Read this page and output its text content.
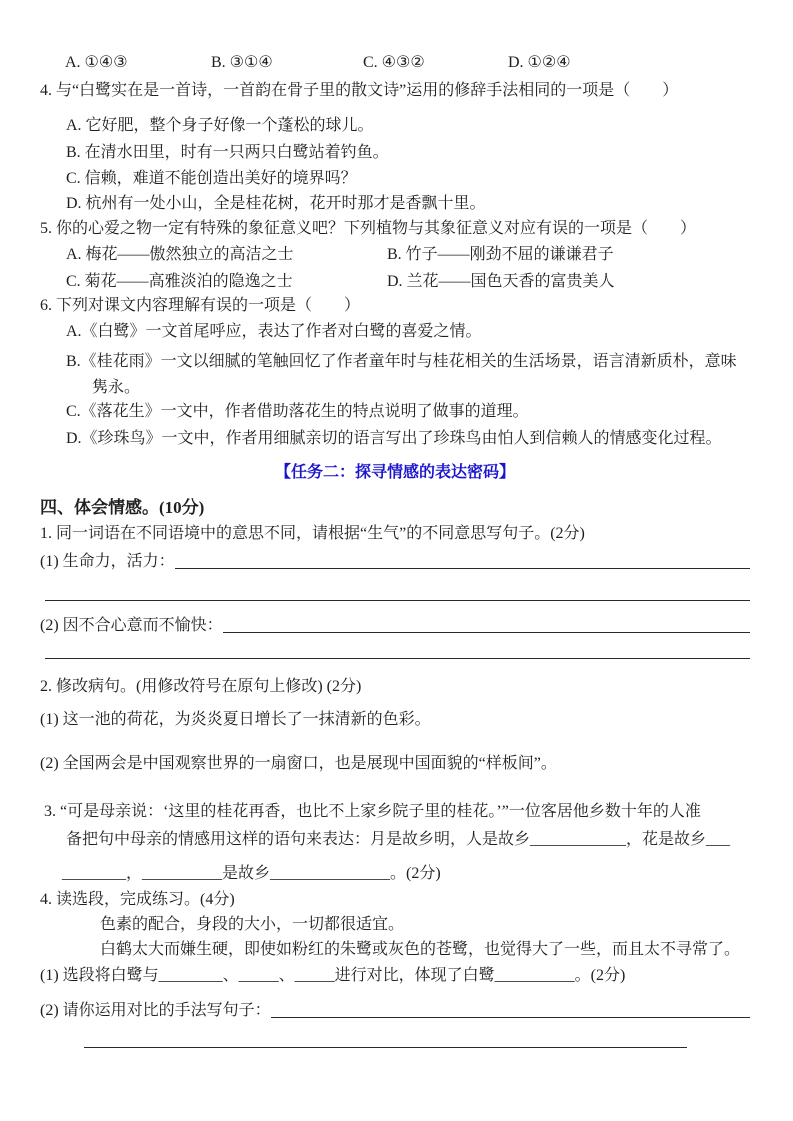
A. ①④③	B. ③①④	C. ④③②	D. ①②④
4. 与“白鹭实在是一首诗，一首韵在骨子里的散文诗”运用的修辞手法相同的一项是（　　）
A. 它好肥，整个身子好像一个蓬松的球儿。
B. 在清水田里，时有一只两只白鹭站着钓鱼。
C. 信赖，难道不能创造出美好的境界吗？
D. 杭州有一处小山，全是桂花树，花开时那才是香飘十里。
5. 你的心爱之物一定有特殊的象征意义吧？下列植物与其象征意义对应有误的一项是（　　）
A. 梅花——傲然独立的高洁之士	B. 竹子——刚劲不屈的谦谦君子
C. 菊花——高雅淡泊的隐逸之士	D. 兰花——国色天香的富贵美人
6. 下列对课文内容理解有误的一项是（　　）
A.《白鹭》一文首尾呼应，表达了作者对白鹭的喜爱之情。
B.《桂花雨》一文以细腻的笔触回忆了作者童年时与桂花相关的生活场景，语言清新质朴，意味
隽永。
C.《落花生》一文中，作者借助落花生的特点说明了做事的道理。
D.《珍珠鸟》一文中，作者用细腻亲切的语言写出了珍珠鸟由怕人到信赖人的情感变化过程。
【任务二：探寻情感的表达密码】
四、体会情感。(10分)
1. 同一词语在不同语境中的意思不同，请根据“生气”的不同意思写句子。(2分)
(1) 生命力，活力：
(2) 因不合心意而不愉快：
2. 修改病句。(用修改符号在原句上修改) (2分)
(1) 这一池的荷花，为炎炎夏日增长了一抹清新的色彩。
(2) 全国两会是中国观察世界的一扇窗口，也是展现中国面貌的“样板间”。
3. “可是母亲说：‘这里的桂花再香，也比不上家乡院子里的桂花。’”一位客居他乡数十年的人准
备把句中母亲的情感用这样的语句来表达：月是故乡明，人是故乡____________，花是故乡___
________，__________是故乡_______________。(2分)
4. 读选段，完成练习。(4分)
色素的配合，身段的大小，一切都很适宜。
白鹤太大而嫌生硬，即使如粉红的朱鹭或灰色的苍鹭，也觉得大了一些，而且太不寻常了。
(1) 选段将白鹭与________、_____、_____进行对比，体现了白鹭__________。(2分)
(2) 请你运用对比的手法写句子：
